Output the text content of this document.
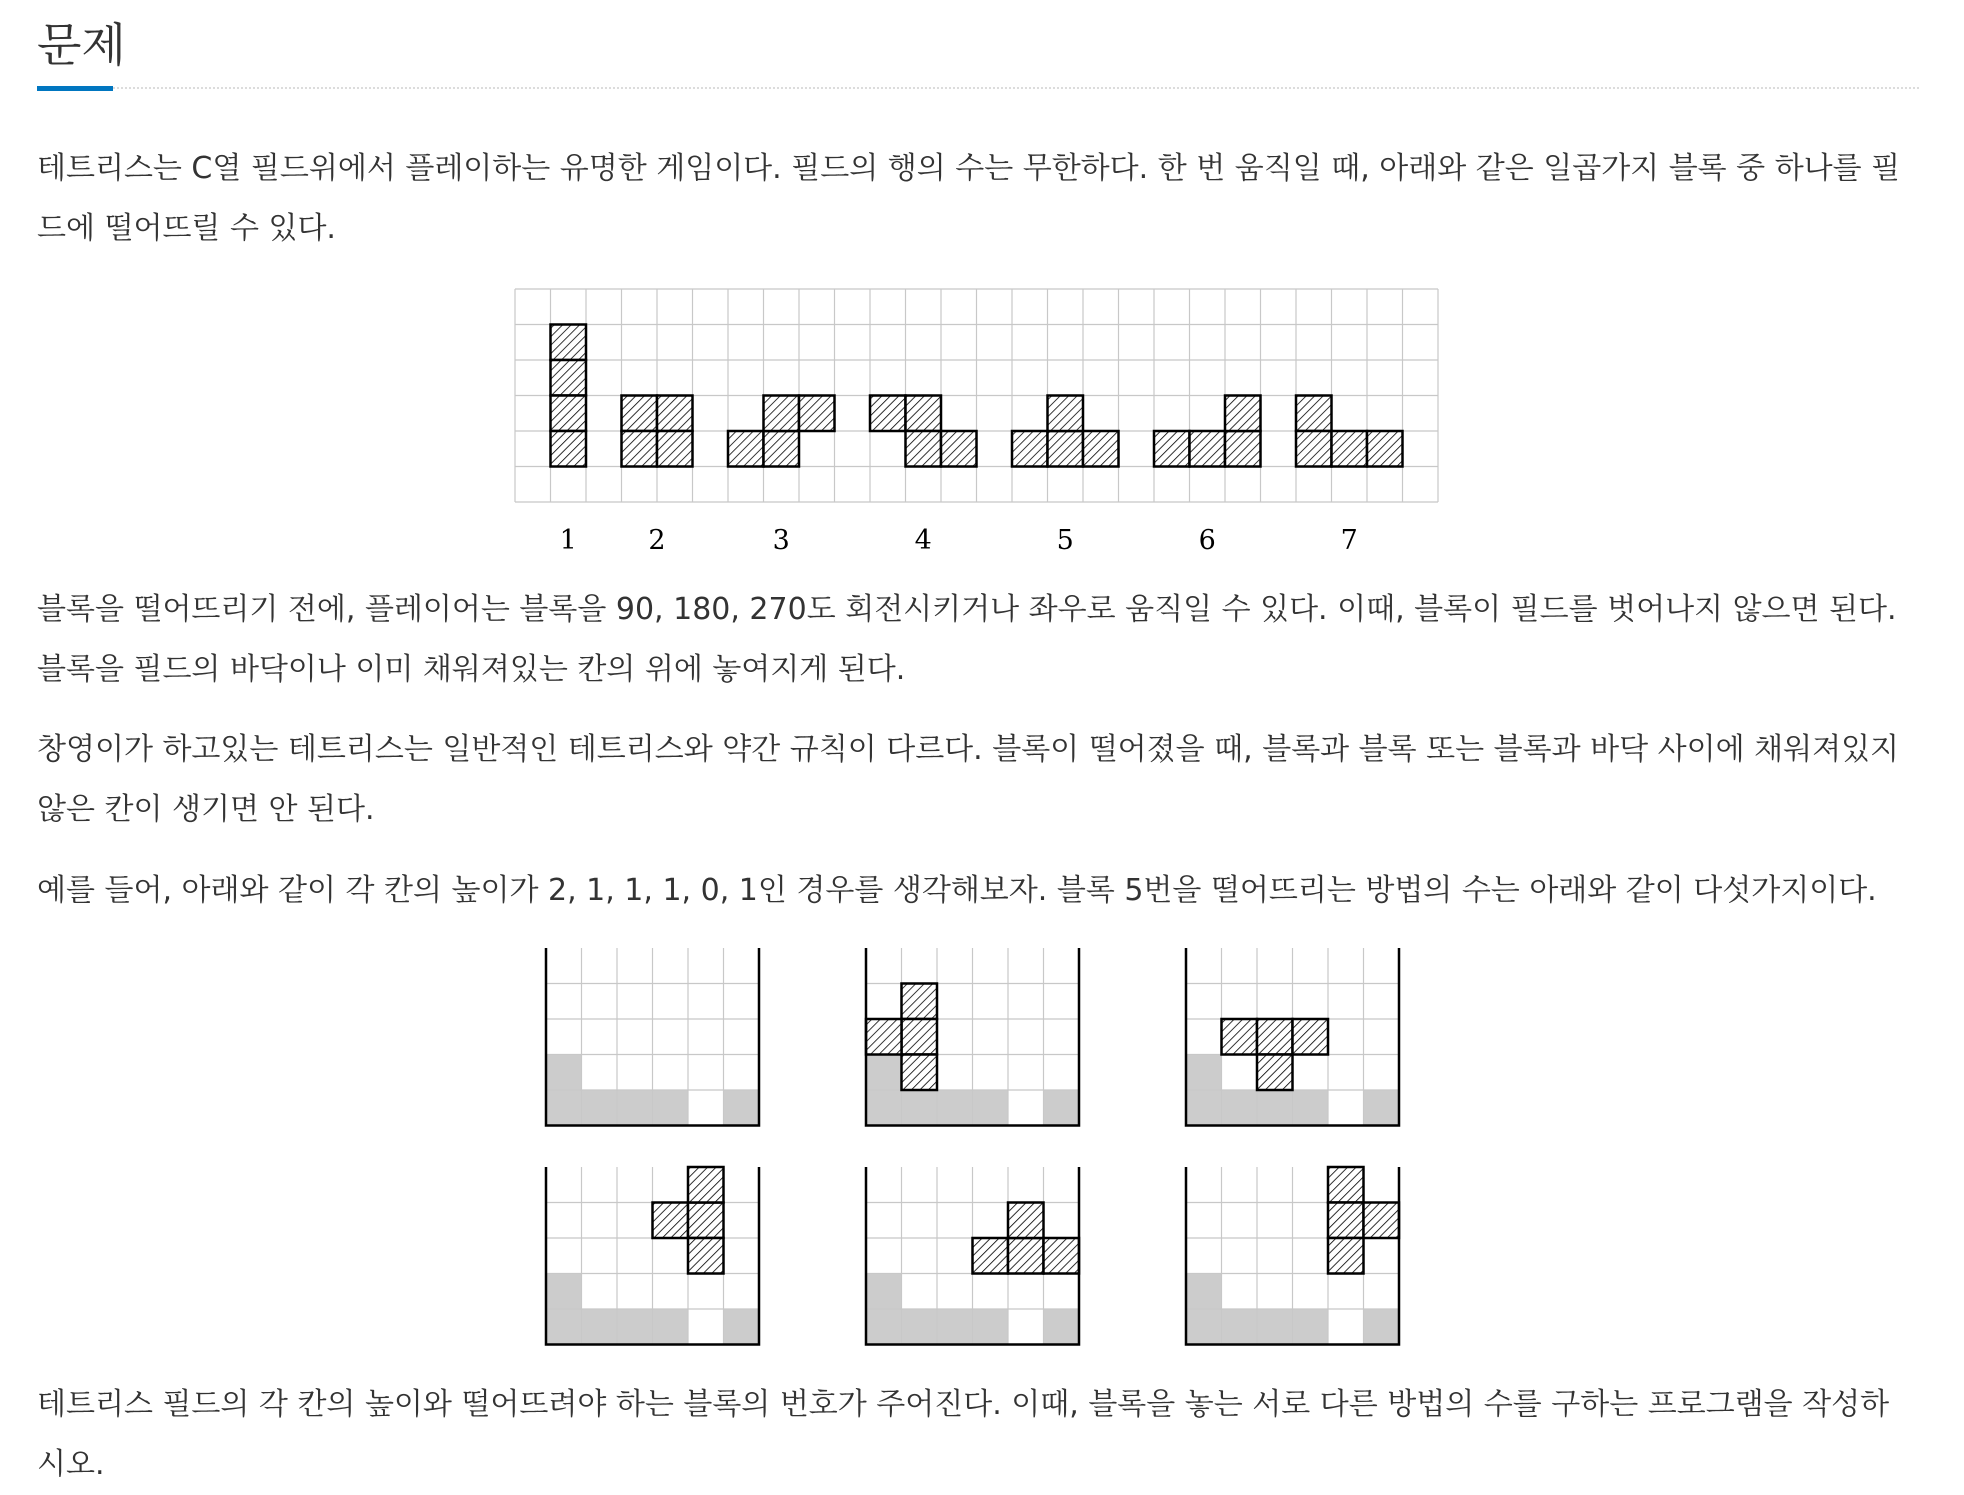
문제

테트리스는 C열 필드위에서 플레이하는 유명한 게임이다. 필드의 행의 수는 무한하다. 한 번 움직일 때, 아래와 같은 일곱가지 블록 중 하나를 필드에 떨어뜨릴 수 있다.

1	2	3	4	5	6	7

블록을 떨어뜨리기 전에, 플레이어는 블록을 90, 180, 270도 회전시키거나 좌우로 움직일 수 있다. 이때, 블록이 필드를 벗어나지 않으면 된다. 블록을 필드의 바닥이나 이미 채워져있는 칸의 위에 놓여지게 된다.

창영이가 하고있는 테트리스는 일반적인 테트리스와 약간 규칙이 다르다. 블록이 떨어졌을 때, 블록과 블록 또는 블록과 바닥 사이에 채워져있지 않은 칸이 생기면 안 된다.

예를 들어, 아래와 같이 각 칸의 높이가 2, 1, 1, 1, 0, 1인 경우를 생각해보자. 블록 5번을 떨어뜨리는 방법의 수는 아래와 같이 다섯가지이다.

테트리스 필드의 각 칸의 높이와 떨어뜨려야 하는 블록의 번호가 주어진다. 이때, 블록을 놓는 서로 다른 방법의 수를 구하는 프로그램을 작성하시오.
